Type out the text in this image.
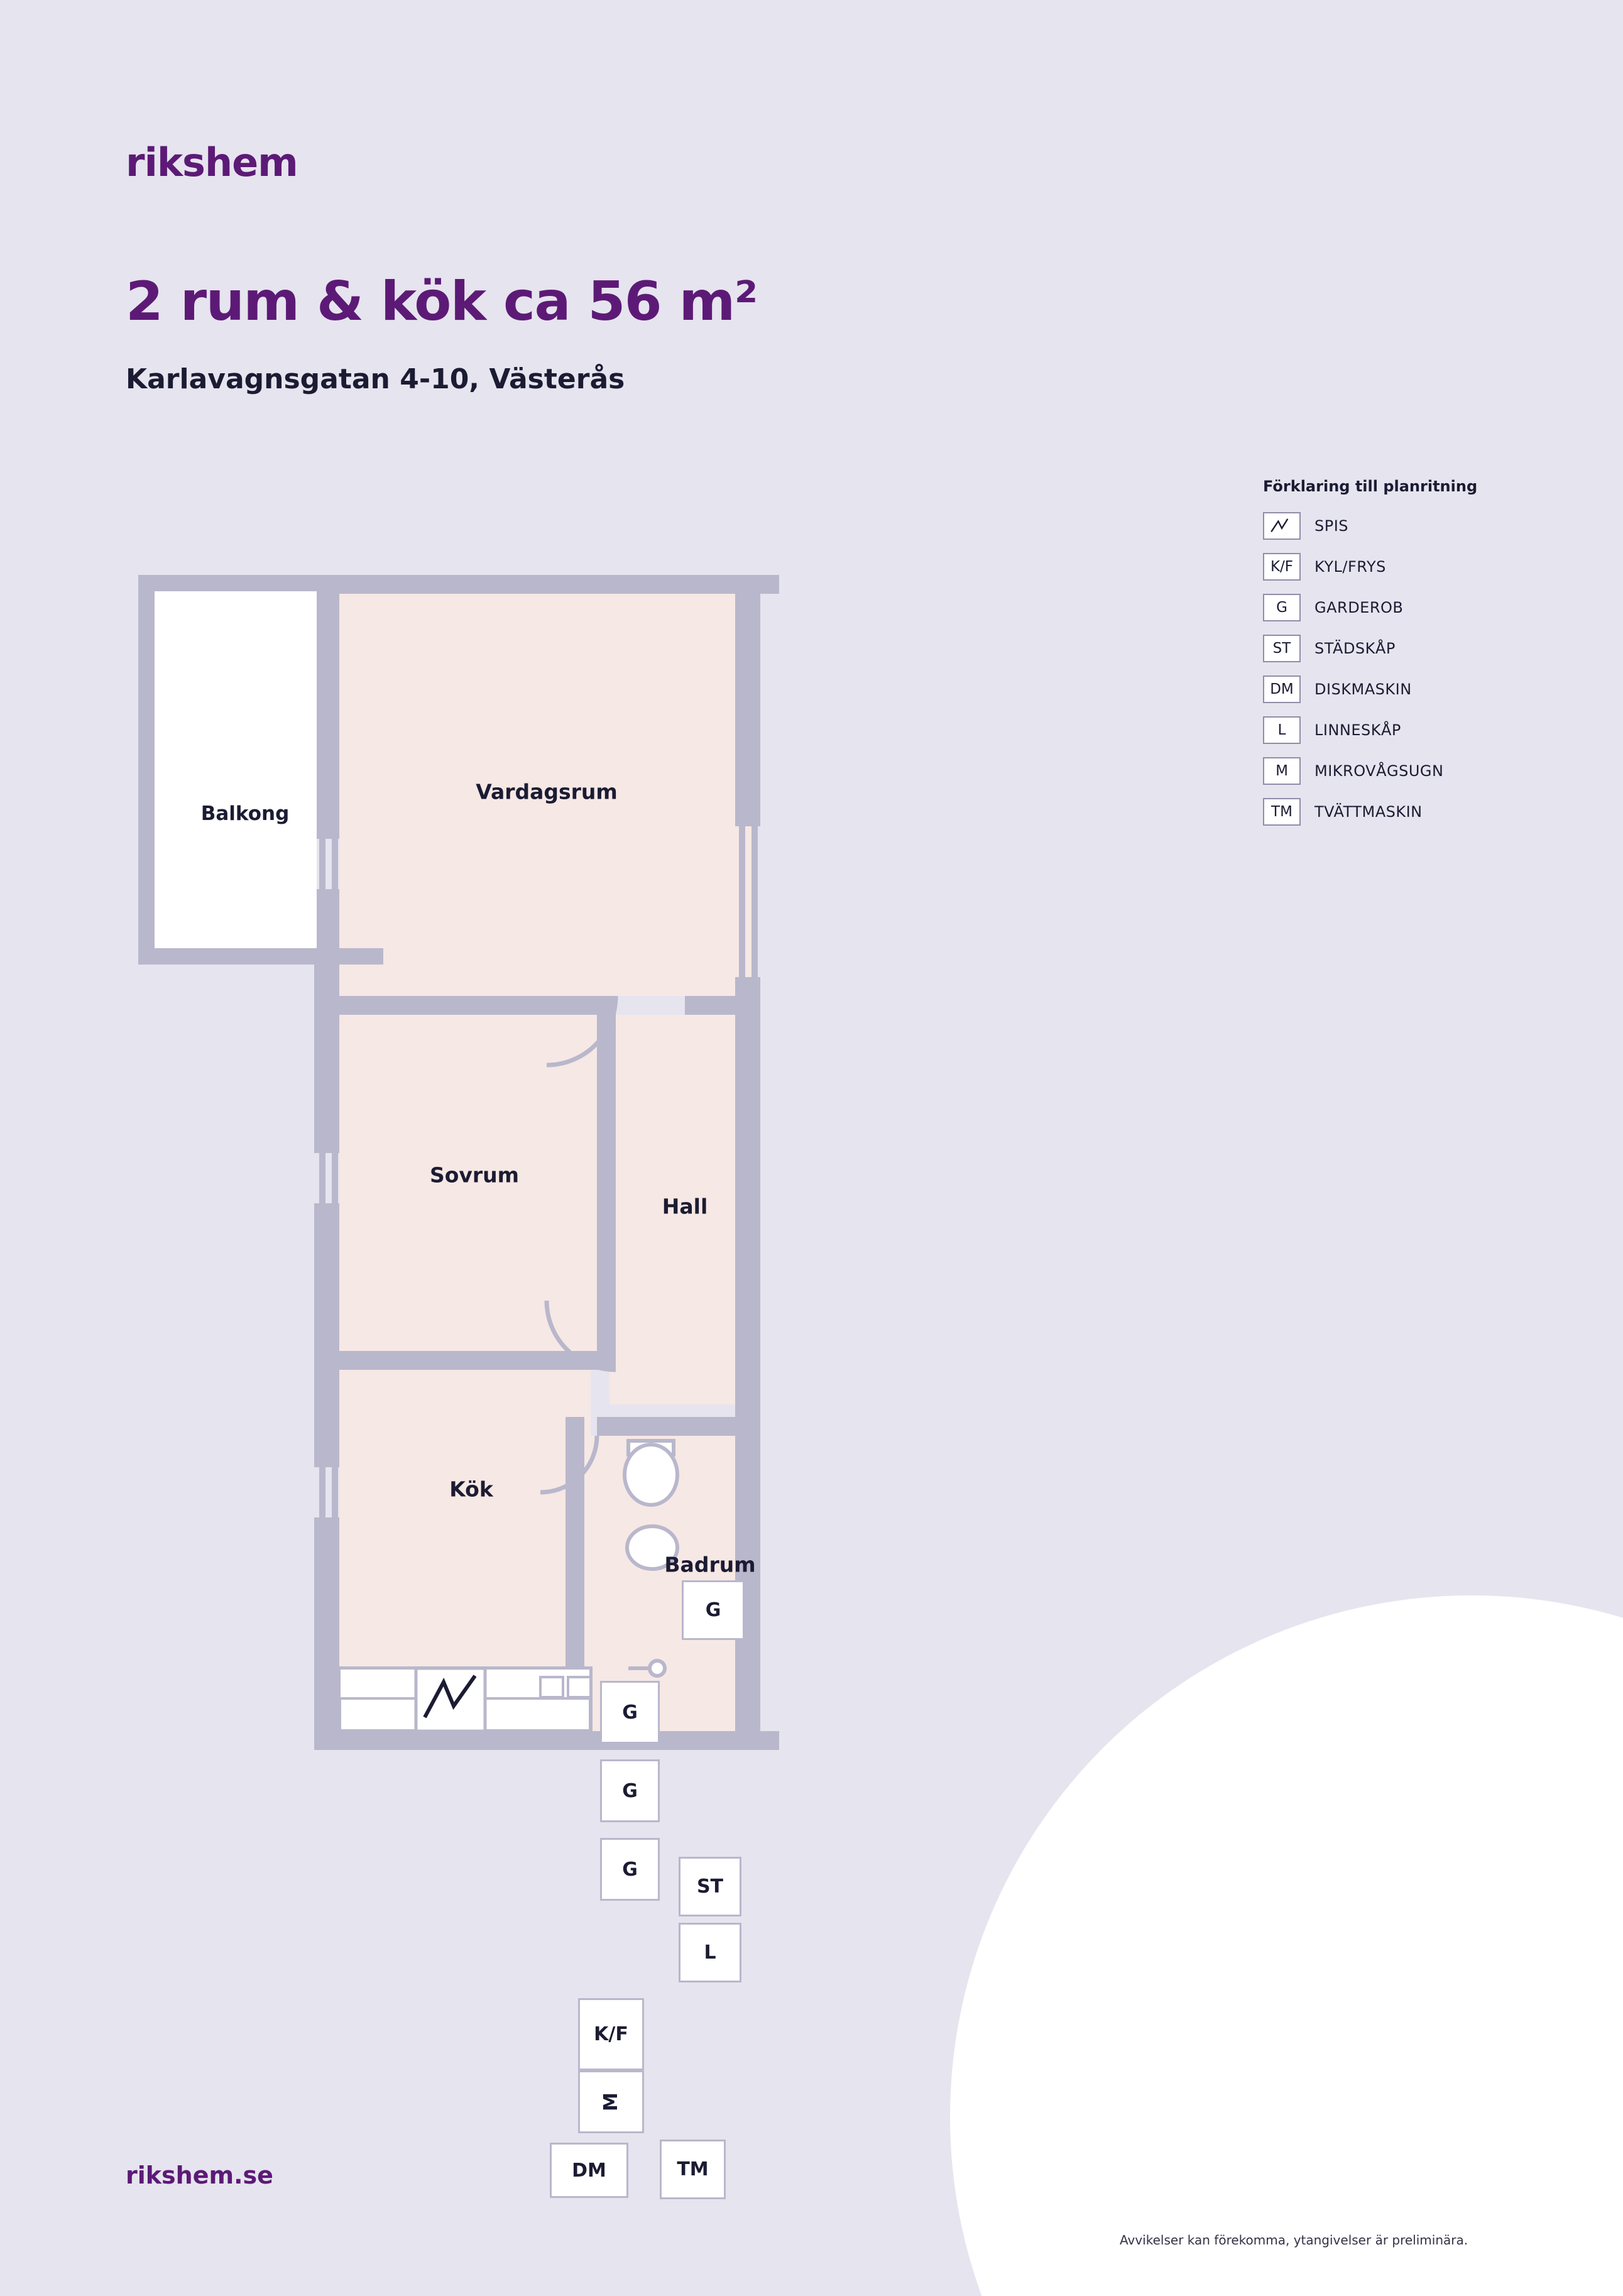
rikshem
2 rum & kök ca 56 m²
Karlavagnsgatan 4-10, Västerås
Förklaring till planritning
SPIS
K/F	KYL/FRYS
G	GARDEROB
ST	STÄDSKÅP
DM	DISKMASKIN
L	LINNESKÅP
M	MIKROVÅGSUGN
TM	TVÄTTMASKIN
Balkong
Vardagsrum
Sovrum
Hall
Kök
Badrum
G
G
G
G
ST
L
K/F
M
DM	TM
rikshem.se
Avvikelser kan förekomma, ytangivelser är preliminära.
